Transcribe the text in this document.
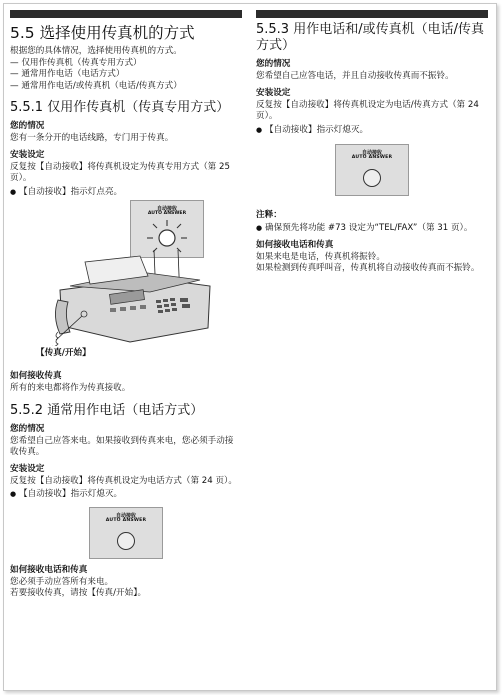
5.5 选择使用传真机的方式

根据您的具体情况，选择使用传真机的方式。

— 仅用作传真机（传真专用方式）

— 通常用作电话（电话方式）

— 通常用作电话/或传真机（电话/传真方式）

5.5.1 仅用作传真机（传真专用方式）
您的情况

您有一条分开的电话线路，专门用于传真。

安装设定

反复按【自动接收】将传真机设定为传真专用方式（第 25 页）。

● 【自动接收】指示灯点亮。
自动接收
AUTO ANSWER
【传真/开始】
如何接收传真

所有的来电都将作为传真接收。

5.5.2 通常用作电话（电话方式）
您的情况

您希望自己应答来电。如果接收到传真来电，您必须手动接收传真。

安装设定

反复按【自动接收】将传真机设定为电话方式（第 24 页）。

● 【自动接收】指示灯熄灭。
自动接收
AUTO ANSWER
如何接收电话和传真

您必须手动应答所有来电。

若要接收传真，请按【传真/开始】。

5.5.3 用作电话和/或传真机（电话/传真方式）
您的情况

您希望自己应答电话，并且自动接收传真而不振铃。

安装设定

反复按【自动接收】将传真机设定为电话/传真方式（第 24 页）。

● 【自动接收】指示灯熄灭。
自动接收
AUTO ANSWER
注释：
● 确保预先将功能 #73 设定为“TEL/FAX”（第 31 页）。
如何接收电话和传真

如果来电是电话，传真机将振铃。

如果检测到传真呼叫音，传真机将自动接收传真而不振铃。
